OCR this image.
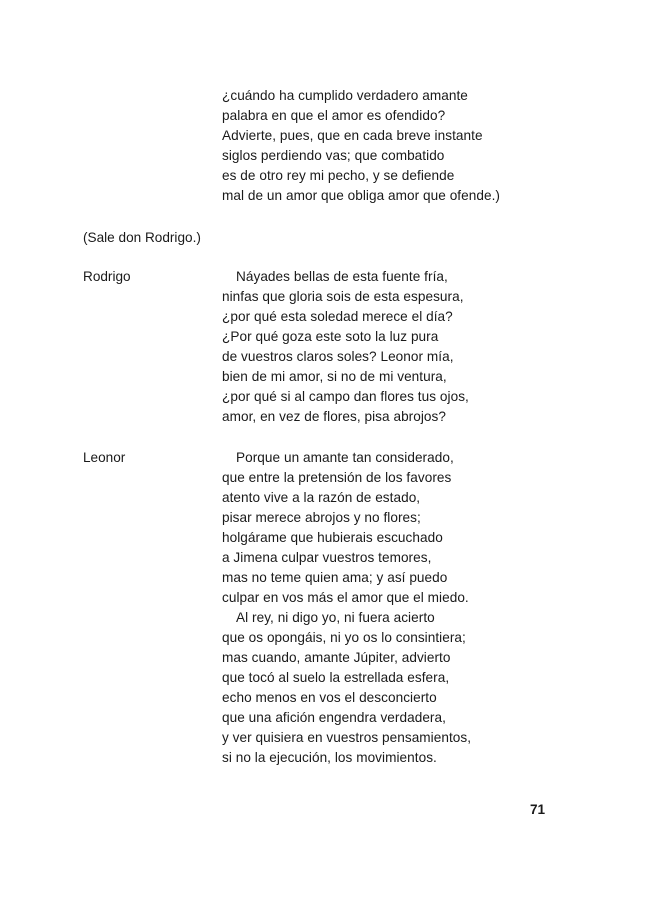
¿cuándo ha cumplido verdadero amante
palabra en que el amor es ofendido?
Advierte, pues, que en cada breve instante
siglos perdiendo vas; que combatido
es de otro rey mi pecho, y se defiende
mal de un amor que obliga amor que ofende.)
(Sale don Rodrigo.)
Rodrigo	Náyades bellas de esta fuente fría,
ninfas que gloria sois de esta espesura,
¿por qué esta soledad merece el día?
¿Por qué goza este soto la luz pura
de vuestros claros soles? Leonor mía,
bien de mi amor, si no de mi ventura,
¿por qué si al campo dan flores tus ojos,
amor, en vez de flores, pisa abrojos?
Leonor	Porque un amante tan considerado,
que entre la pretensión de los favores
atento vive a la razón de estado,
pisar merece abrojos y no flores;
holgárame que hubierais escuchado
a Jimena culpar vuestros temores,
mas no teme quien ama; y así puedo
culpar en vos más el amor que el miedo.
Al rey, ni digo yo, ni fuera acierto
que os opongáis, ni yo os lo consintiera;
mas cuando, amante Júpiter, advierto
que tocó al suelo la estrellada esfera,
echo menos en vos el desconcierto
que una afición engendra verdadera,
y ver quisiera en vuestros pensamientos,
si no la ejecución, los movimientos.
71
